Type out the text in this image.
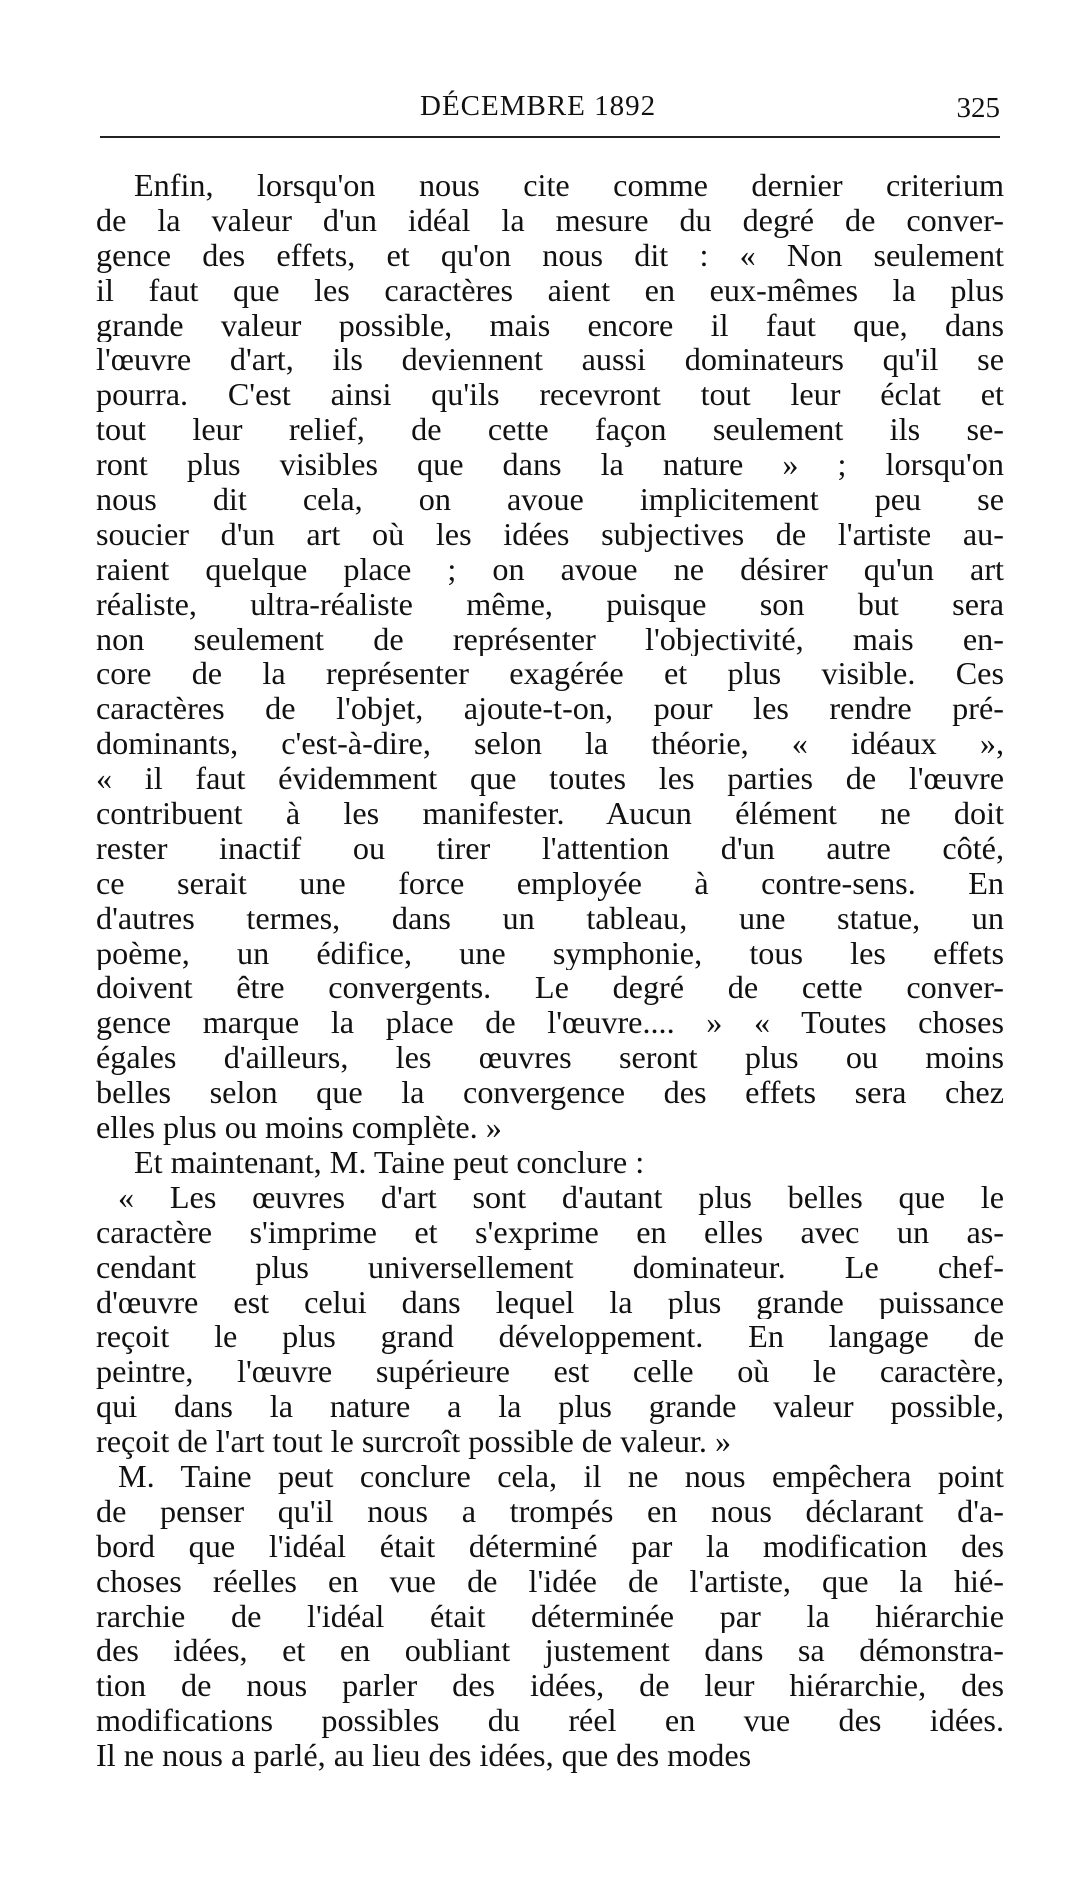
DÉCEMBRE 1892	325
Enfin, lorsqu'on nous cite comme dernier criterium
de la valeur d'un idéal la mesure du degré de conver-
gence des effets, et qu'on nous dit : « Non seulement
il faut que les caractères aient en eux-mêmes la plus
grande valeur possible, mais encore il faut que, dans
l'œuvre d'art, ils deviennent aussi dominateurs qu'il se
pourra. C'est ainsi qu'ils recevront tout leur éclat et
tout leur relief, de cette façon seulement ils se-
ront plus visibles que dans la nature » ; lorsqu'on
nous dit cela, on avoue implicitement peu se
soucier d'un art où les idées subjectives de l'artiste au-
raient quelque place ; on avoue ne désirer qu'un art
réaliste, ultra-réaliste même, puisque son but sera
non seulement de représenter l'objectivité, mais en-
core de la représenter exagérée et plus visible. Ces
caractères de l'objet, ajoute-t-on, pour les rendre pré-
dominants, c'est-à-dire, selon la théorie, « idéaux »,
« il faut évidemment que toutes les parties de l'œuvre
contribuent à les manifester. Aucun élément ne doit
rester inactif ou tirer l'attention d'un autre côté,
ce serait une force employée à contre-sens. En
d'autres termes, dans un tableau, une statue, un
poème, un édifice, une symphonie, tous les effets
doivent être convergents. Le degré de cette conver-
gence marque la place de l'œuvre.... » « Toutes choses
égales d'ailleurs, les œuvres seront plus ou moins
belles selon que la convergence des effets sera chez
elles plus ou moins complète. »
Et maintenant, M. Taine peut conclure :
« Les œuvres d'art sont d'autant plus belles que le
caractère s'imprime et s'exprime en elles avec un as-
cendant plus universellement dominateur. Le chef-
d'œuvre est celui dans lequel la plus grande puissance
reçoit le plus grand développement. En langage de
peintre, l'œuvre supérieure est celle où le caractère,
qui dans la nature a la plus grande valeur possible,
reçoit de l'art tout le surcroît possible de valeur. »
M. Taine peut conclure cela, il ne nous empêchera point
de penser qu'il nous a trompés en nous déclarant d'a-
bord que l'idéal était déterminé par la modification des
choses réelles en vue de l'idée de l'artiste, que la hié-
rarchie de l'idéal était déterminée par la hiérarchie
des idées, et en oubliant justement dans sa démonstra-
tion de nous parler des idées, de leur hiérarchie, des
modifications possibles du réel en vue des idées.
Il ne nous a parlé, au lieu des idées, que des modes
